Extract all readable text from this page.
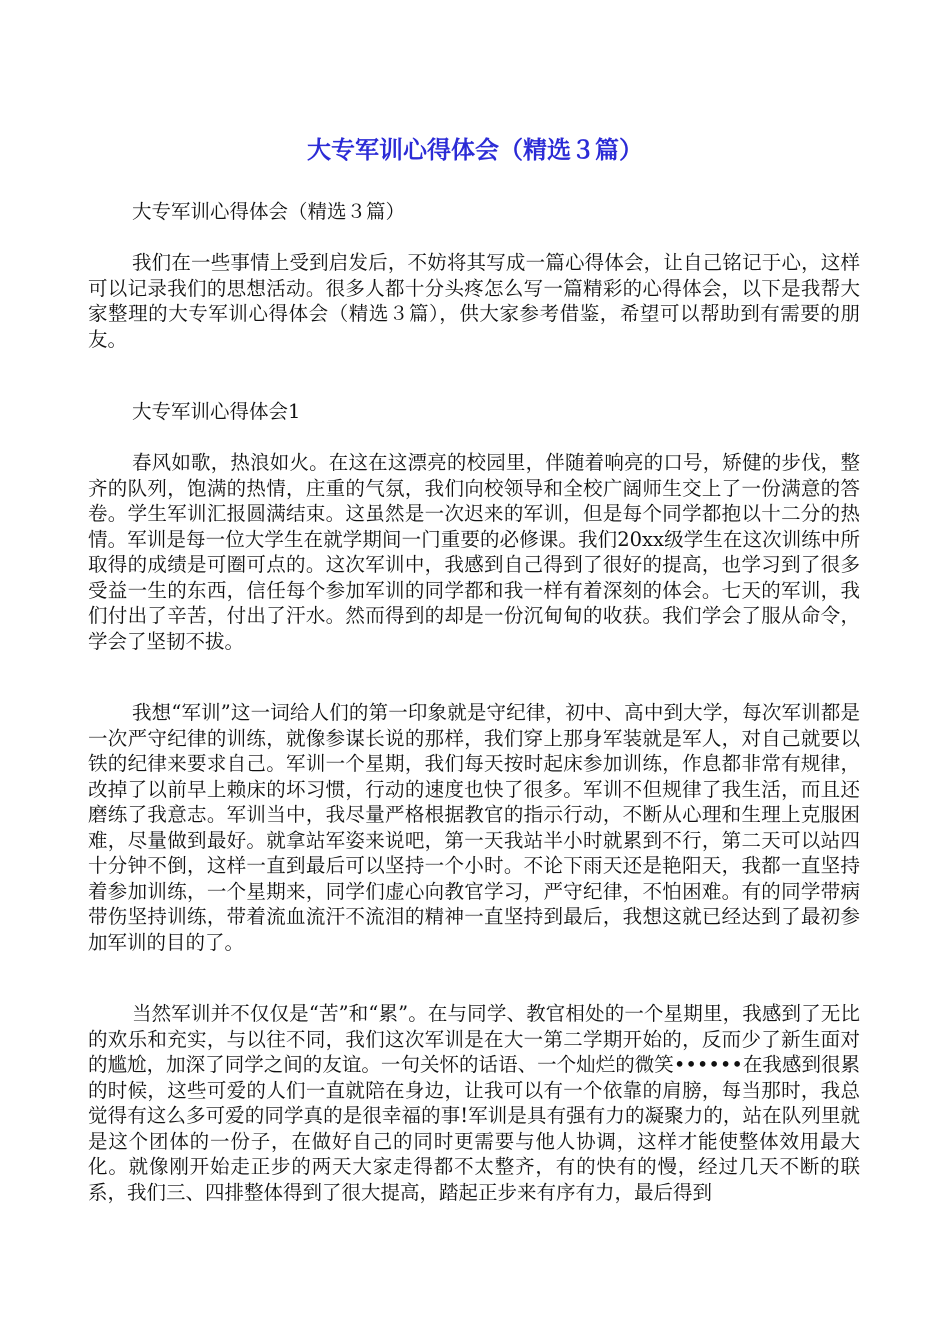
大专军训心得体会（精选３篇）

大专军训心得体会（精选３篇）

我们在一些事情上受到启发后，不妨将其写成一篇心得体会，让自己铭记于心，这样可以记录我们的思想活动。很多人都十分头疼怎么写一篇精彩的心得体会，以下是我帮大家整理的大专军训心得体会（精选３篇），供大家参考借鉴，希望可以帮助到有需要的朋友。

大专军训心得体会1

春风如歌，热浪如火。在这在这漂亮的校园里，伴随着响亮的口号，矫健的步伐，整齐的队列，饱满的热情，庄重的气氛，我们向校领导和全校广阔师生交上了一份满意的答卷。学生军训汇报圆满结束。这虽然是一次迟来的军训，但是每个同学都抱以十二分的热情。军训是每一位大学生在就学期间一门重要的必修课。我们20xx级学生在这次训练中所取得的成绩是可圈可点的。这次军训中，我感到自己得到了很好的提高，也学习到了很多受益一生的东西，信任每个参加军训的同学都和我一样有着深刻的体会。七天的军训，我们付出了辛苦，付出了汗水。然而得到的却是一份沉甸甸的收获。我们学会了服从命令，学会了坚韧不拔。

我想“军训”这一词给人们的第一印象就是守纪律，初中、高中到大学，每次军训都是一次严守纪律的训练，就像参谋长说的那样，我们穿上那身军装就是军人，对自己就要以铁的纪律来要求自己。军训一个星期，我们每天按时起床参加训练，作息都非常有规律，改掉了以前早上赖床的坏习惯，行动的速度也快了很多。军训不但规律了我生活，而且还磨练了我意志。军训当中，我尽量严格根据教官的指示行动，不断从心理和生理上克服困难，尽量做到最好。就拿站军姿来说吧，第一天我站半小时就累到不行，第二天可以站四十分钟不倒，这样一直到最后可以坚持一个小时。不论下雨天还是艳阳天，我都一直坚持着参加训练，一个星期来，同学们虚心向教官学习，严守纪律，不怕困难。有的同学带病带伤坚持训练，带着流血流汗不流泪的精神一直坚持到最后，我想这就已经达到了最初参加军训的目的了。

当然军训并不仅仅是“苦”和“累”。在与同学、教官相处的一个星期里，我感到了无比的欢乐和充实，与以往不同，我们这次军训是在大一第二学期开始的，反而少了新生面对的尴尬，加深了同学之间的友谊。一句关怀的话语、一个灿烂的微笑••••••在我感到很累的时候，这些可爱的人们一直就陪在身边，让我可以有一个依靠的肩膀，每当那时，我总觉得有这么多可爱的同学真的是很幸福的事!军训是具有强有力的凝聚力的，站在队列里就是这个团体的一份子，在做好自己的同时更需要与他人协调，这样才能使整体效用最大化。就像刚开始走正步的两天大家走得都不太整齐，有的快有的慢，经过几天不断的联系，我们三、四排整体得到了很大提高，踏起正步来有序有力，最后得到
